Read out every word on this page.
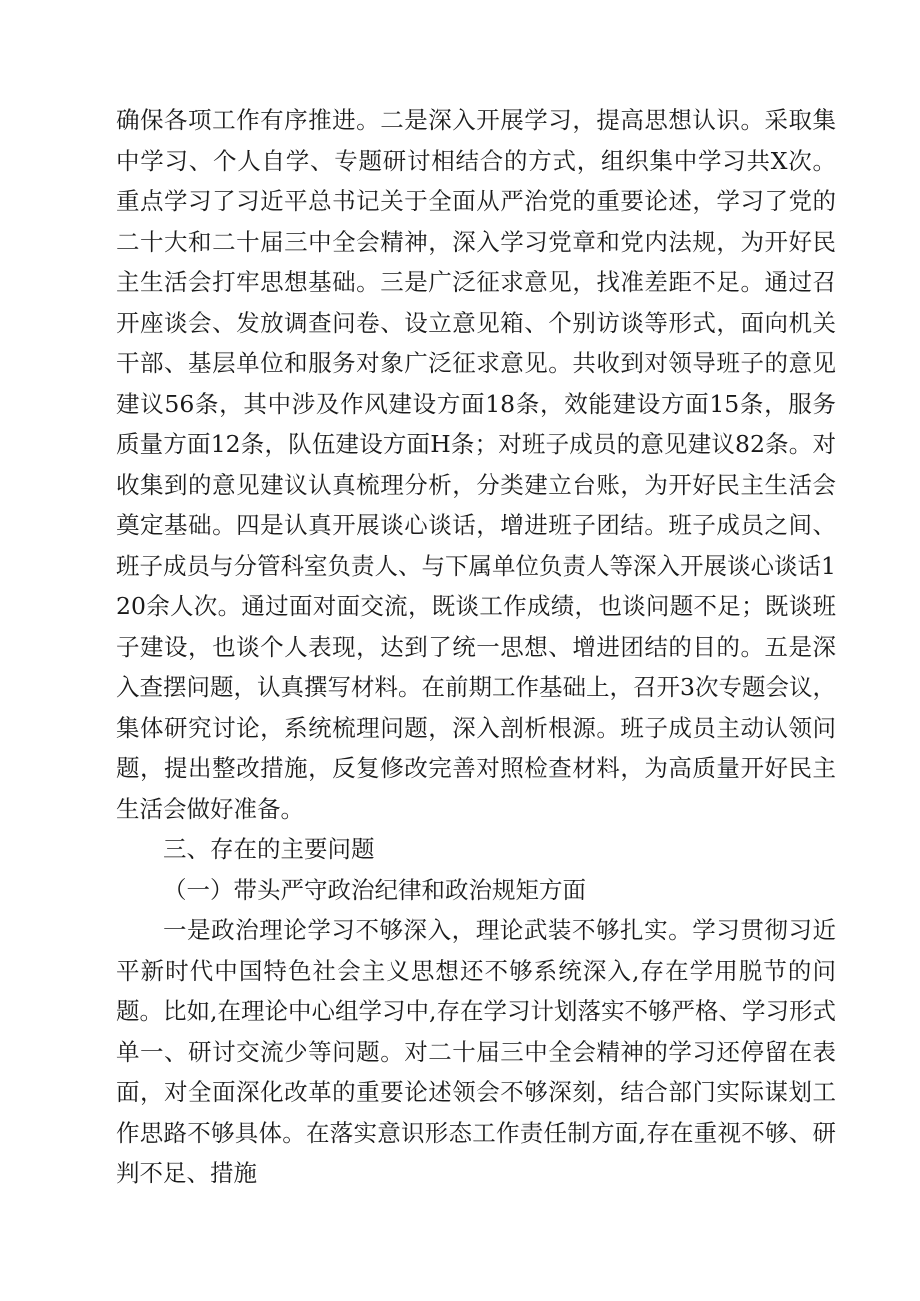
确保各项工作有序推进。二是深入开展学习，提高思想认识。采取集中学习、个人自学、专题研讨相结合的方式，组织集中学习共X次。重点学习了习近平总书记关于全面从严治党的重要论述，学习了党的二十大和二十届三中全会精神，深入学习党章和党内法规，为开好民主生活会打牢思想基础。三是广泛征求意见，找准差距不足。通过召开座谈会、发放调查问卷、设立意见箱、个别访谈等形式，面向机关干部、基层单位和服务对象广泛征求意见。共收到对领导班子的意见建议56条，其中涉及作风建设方面18条，效能建设方面15条，服务质量方面12条，队伍建设方面H条；对班子成员的意见建议82条。对收集到的意见建议认真梳理分析，分类建立台账，为开好民主生活会奠定基础。四是认真开展谈心谈话，增进班子团结。班子成员之间、班子成员与分管科室负责人、与下属单位负责人等深入开展谈心谈话120余人次。通过面对面交流，既谈工作成绩，也谈问题不足；既谈班子建设，也谈个人表现，达到了统一思想、增进团结的目的。五是深入查摆问题，认真撰写材料。在前期工作基础上，召开3次专题会议，集体研究讨论，系统梳理问题，深入剖析根源。班子成员主动认领问题，提出整改措施，反复修改完善对照检查材料，为高质量开好民主生活会做好准备。

三、存在的主要问题

（一）带头严守政治纪律和政治规矩方面

一是政治理论学习不够深入，理论武装不够扎实。学习贯彻习近平新时代中国特色社会主义思想还不够系统深入,存在学用脱节的问题。比如,在理论中心组学习中,存在学习计划落实不够严格、学习形式单一、研讨交流少等问题。对二十届三中全会精神的学习还停留在表面，对全面深化改革的重要论述领会不够深刻，结合部门实际谋划工作思路不够具体。在落实意识形态工作责任制方面,存在重视不够、研判不足、措施
